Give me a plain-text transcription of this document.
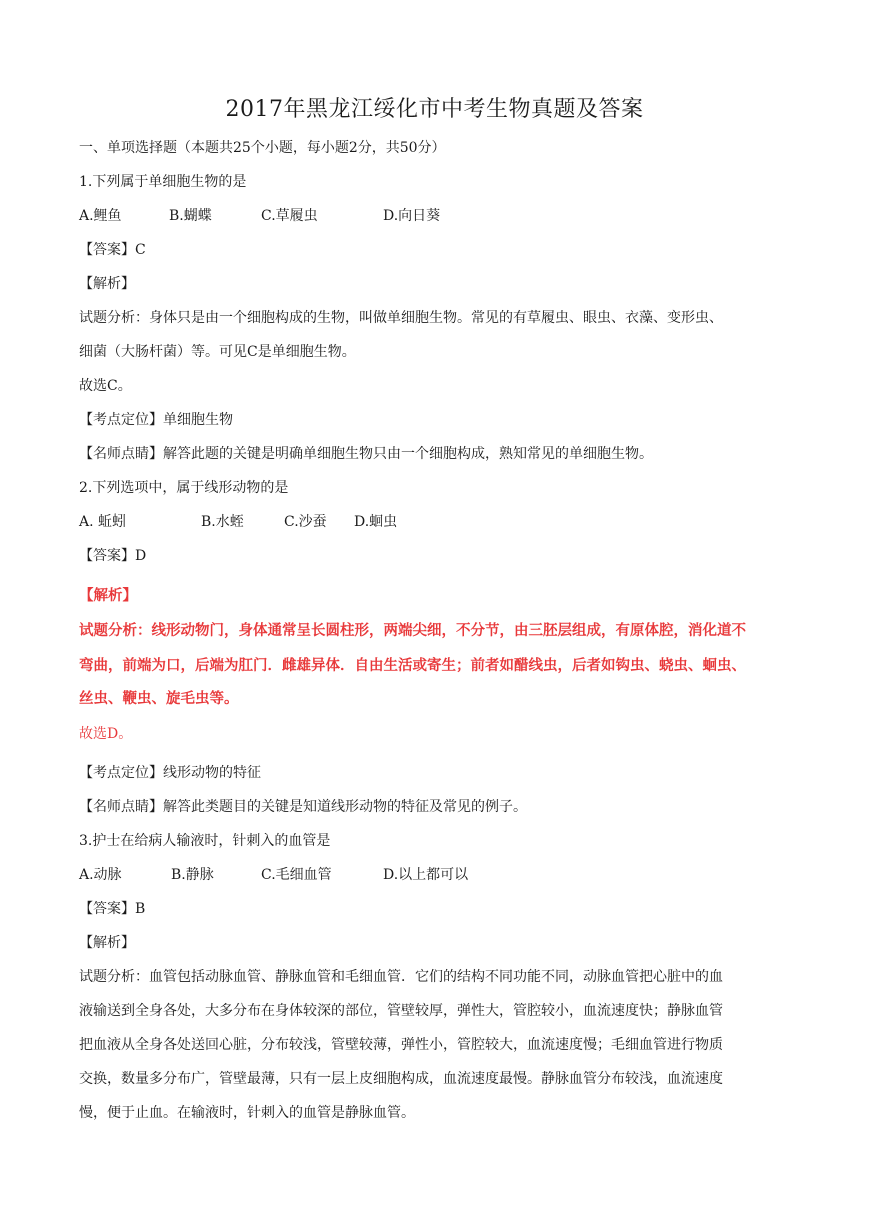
2017年黑龙江绥化市中考生物真题及答案
一、单项选择题（本题共25个小题，每小题2分，共50分）
1.下列属于单细胞生物的是
A.鲤鱼	B.蝴蝶	C.草履虫	D.向日葵
【答案】C
【解析】
试题分析：身体只是由一个细胞构成的生物，叫做单细胞生物。常见的有草履虫、眼虫、衣藻、变形虫、
细菌（大肠杆菌）等。可见C是单细胞生物。
故选C。
【考点定位】单细胞生物
【名师点睛】解答此题的关键是明确单细胞生物只由一个细胞构成，熟知常见的单细胞生物。
2.下列选项中，属于线形动物的是
A. 蚯蚓	B.水蛭	C.沙蚕 D.蛔虫
【答案】D
【解析】
试题分析：线形动物门，身体通常呈长圆柱形，两端尖细，不分节，由三胚层组成，有原体腔，消化道不
弯曲，前端为口，后端为肛门．雌雄异体．自由生活或寄生；前者如醋线虫，后者如钩虫、蛲虫、蛔虫、
丝虫、鞭虫、旋毛虫等。
故选D。
【考点定位】线形动物的特征
【名师点睛】解答此类题目的关键是知道线形动物的特征及常见的例子。
3.护士在给病人输液时，针刺入的血管是
A.动脉	B.静脉	C.毛细血管	D.以上都可以
【答案】B
【解析】
试题分析：血管包括动脉血管、静脉血管和毛细血管．它们的结构不同功能不同，动脉血管把心脏中的血
液输送到全身各处，大多分布在身体较深的部位，管壁较厚，弹性大，管腔较小，血流速度快；静脉血管
把血液从全身各处送回心脏，分布较浅，管壁较薄，弹性小，管腔较大，血流速度慢；毛细血管进行物质
交换，数量多分布广，管壁最薄，只有一层上皮细胞构成，血流速度最慢。静脉血管分布较浅，血流速度
慢，便于止血。在输液时，针刺入的血管是静脉血管。
